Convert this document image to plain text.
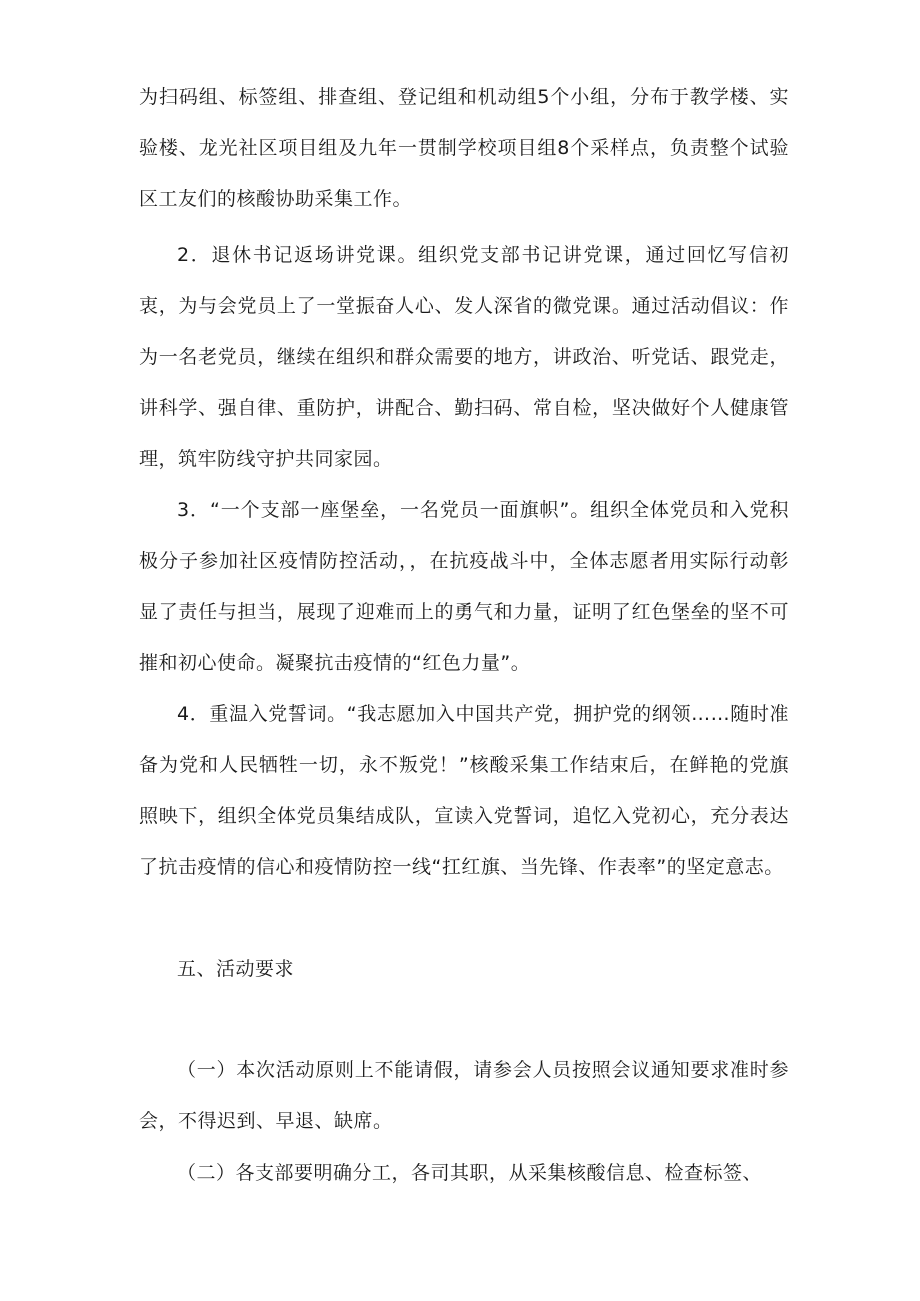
为扫码组、标签组、排查组、登记组和机动组5个小组，分布于教学楼、实验楼、龙光社区项目组及九年一贯制学校项目组8个采样点，负责整个试验区工友们的核酸协助采集工作。

2．退休书记返场讲党课。组织党支部书记讲党课，通过回忆写信初衷，为与会党员上了一堂振奋人心、发人深省的微党课。通过活动倡议：作为一名老党员，继续在组织和群众需要的地方，讲政治、听党话、跟党走，讲科学、强自律、重防护，讲配合、勤扫码、常自检，坚决做好个人健康管理，筑牢防线守护共同家园。

3．“一个支部一座堡垒，一名党员一面旗帜”。组织全体党员和入党积极分子参加社区疫情防控活动，，在抗疫战斗中，全体志愿者用实际行动彰显了责任与担当，展现了迎难而上的勇气和力量，证明了红色堡垒的坚不可摧和初心使命。凝聚抗击疫情的“红色力量”。

4．重温入党誓词。“我志愿加入中国共产党，拥护党的纲领……随时准备为党和人民牺牲一切，永不叛党！”核酸采集工作结束后，在鲜艳的党旗照映下，组织全体党员集结成队，宣读入党誓词，追忆入党初心，充分表达了抗击疫情的信心和疫情防控一线“扛红旗、当先锋、作表率”的坚定意志。

五、活动要求

（一）本次活动原则上不能请假，请参会人员按照会议通知要求准时参会，不得迟到、早退、缺席。

（二）各支部要明确分工，各司其职，从采集核酸信息、检查标签、
